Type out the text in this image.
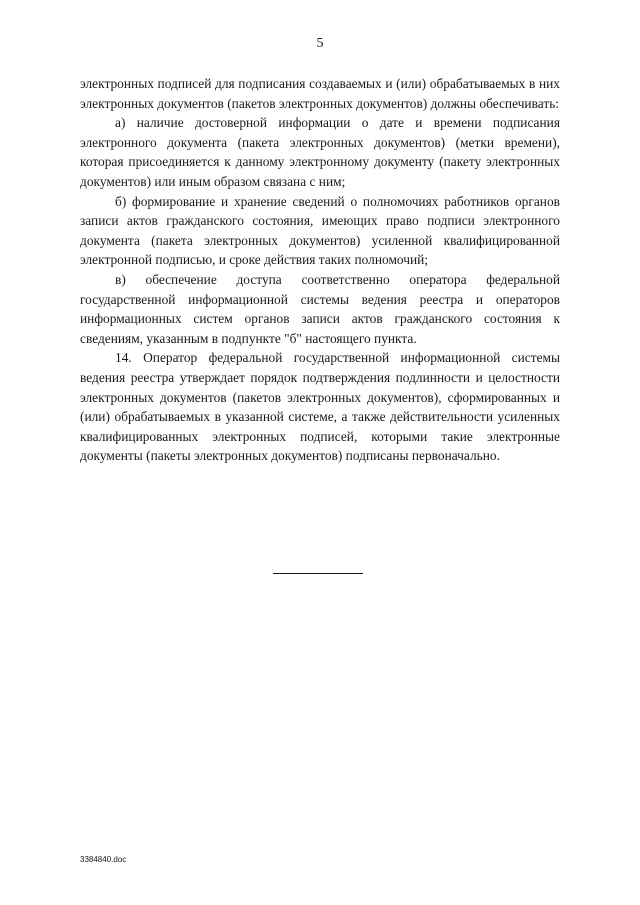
5

электронных подписей для подписания создаваемых и (или) обрабатываемых в них электронных документов (пакетов электронных документов) должны обеспечивать:

а) наличие достоверной информации о дате и времени подписания электронного документа (пакета электронных документов) (метки времени), которая присоединяется к данному электронному документу (пакету электронных документов) или иным образом связана с ним;

б) формирование и хранение сведений о полномочиях работников органов записи актов гражданского состояния, имеющих право подписи электронного документа (пакета электронных документов) усиленной квалифицированной электронной подписью, и сроке действия таких полномочий;

в) обеспечение доступа соответственно оператора федеральной государственной информационной системы ведения реестра и операторов информационных систем органов записи актов гражданского состояния к сведениям, указанным в подпункте "б" настоящего пункта.

14. Оператор федеральной государственной информационной системы ведения реестра утверждает порядок подтверждения подлинности и целостности электронных документов (пакетов электронных документов), сформированных и (или) обрабатываемых в указанной системе, а также действительности усиленных квалифицированных электронных подписей, которыми такие электронные документы (пакеты электронных документов) подписаны первоначально.

3384840.doc
